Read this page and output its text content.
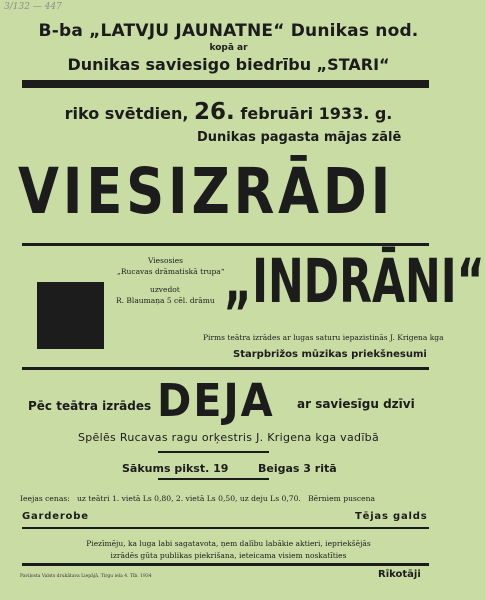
3/132 — 447
B-ba „LATVJU JAUNATNE“ Dunikas nod.
kopā ar
Dunikas saviesigo biedrību „STARI“
riko svētdien, 26. februāri 1933. g.
Dunikas pagasta mājas zālē
VIESIZRĀDI
Viesosies
„Rucavas drāmatiskā trupa“
uzvedot
R. Blaumaņa 5 cēl. drāmu „INDRĀNI“
Pirms teātra izrādes ar lugas saturu iepazistinās J. Krigena kga
Starpbrižos mūzikas priekšnesumi
Pēc teātra izrādes DEJA ar saviesīgu dzīvi
Spēlēs Rucavas ragu orķestris J. Krigena kga vadībā
Sākums pikst. 19	Beigas 3 ritā
Ieejas cenas:   uz teātri 1. vietā Ls 0,80, 2. vietā Ls 0,50, uz deju Ls 0,70.   Bērniem puscena
Garderobe	Tējas galds
Piezīmēju, ka luga labi sagatavota, ņem dalību labākie aktieri, iepriekšējās
izrādēs gūta publikas piekrišana, ieteicama visiem noskatīties
Paviļosta Valsts drukātava Liepājā, Tirgu iela 4. Tlb. 1934	Rīkotāji
